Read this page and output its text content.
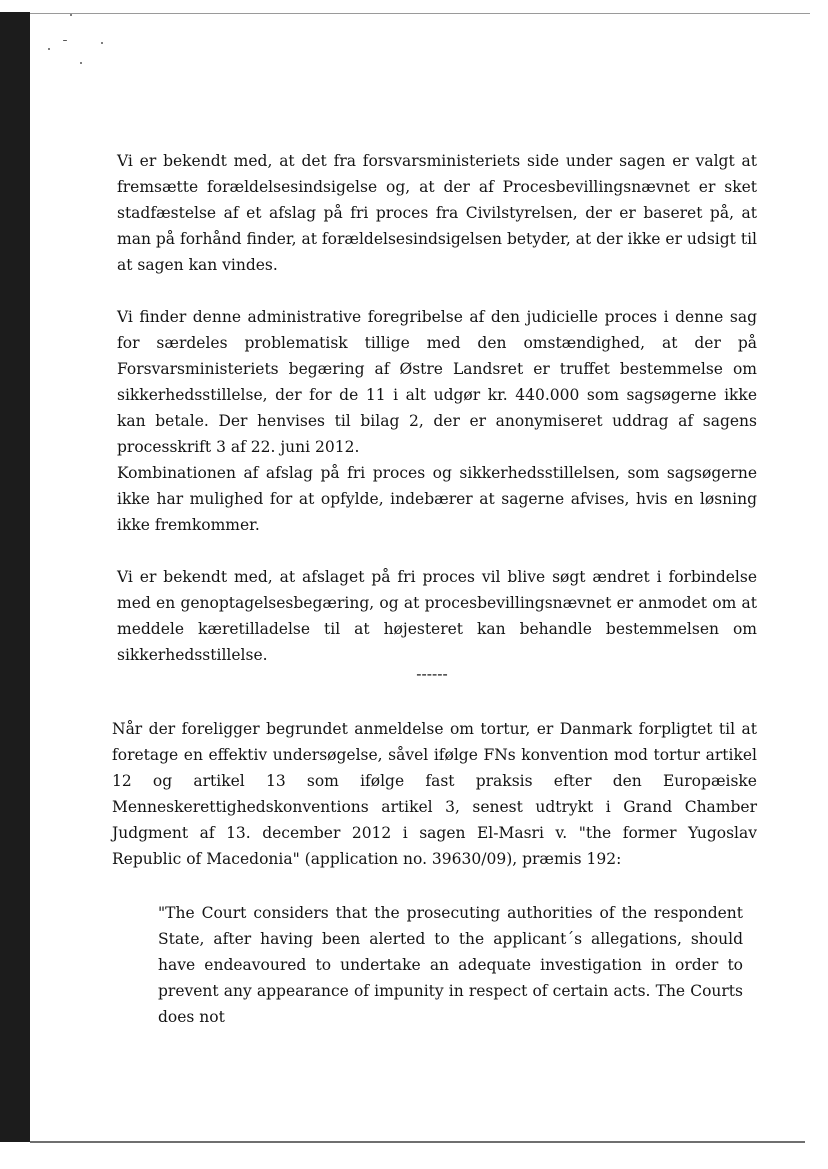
Vi er bekendt med, at det fra forsvarsministeriets side under sagen er valgt at fremsætte forældelsesindsigelse og, at der af Procesbevillingsnævnet er sket stadfæstelse af et afslag på fri proces fra Civilstyrelsen, der er baseret på, at man på forhånd finder, at forældelsesindsigelsen betyder, at der ikke er udsigt til at sagen kan vindes.

Vi finder denne administrative foregribelse af den judicielle proces i denne sag for særdeles problematisk tillige med den omstændighed, at der på Forsvarsministeriets begæring af Østre Landsret er truffet bestemmelse om sikkerhedsstillelse, der for de 11 i alt udgør kr. 440.000 som sagsøgerne ikke kan betale. Der henvises til bilag 2, der er anonymiseret uddrag af sagens processkrift 3 af 22. juni 2012.

Kombinationen af afslag på fri proces og sikkerhedsstillelsen, som sagsøgerne ikke har mulighed for at opfylde, indebærer at sagerne afvises, hvis en løsning ikke fremkommer.

Vi er bekendt med, at afslaget på fri proces vil blive søgt ændret i forbindelse med en genoptagelsesbegæring, og at procesbevillingsnævnet er anmodet om at meddele kæretilladelse til at højesteret kan behandle bestemmelsen om sikkerhedsstillelse.

------

Når der foreligger begrundet anmeldelse om tortur, er Danmark forpligtet til at foretage en effektiv undersøgelse, såvel ifølge FNs konvention mod tortur artikel 12 og artikel 13 som ifølge fast praksis efter den Europæiske Menneskerettighedskonventions artikel 3, senest udtrykt i Grand Chamber Judgment af 13. december 2012 i sagen El-Masri v. "the former Yugoslav Republic of Macedonia" (application no. 39630/09), præmis 192:

"The Court considers that the prosecuting authorities of the respondent State, after having been alerted to the applicant´s allegations, should have endeavoured to undertake an adequate investigation in order to prevent any appearance of impunity in respect of certain acts. The Courts does not
